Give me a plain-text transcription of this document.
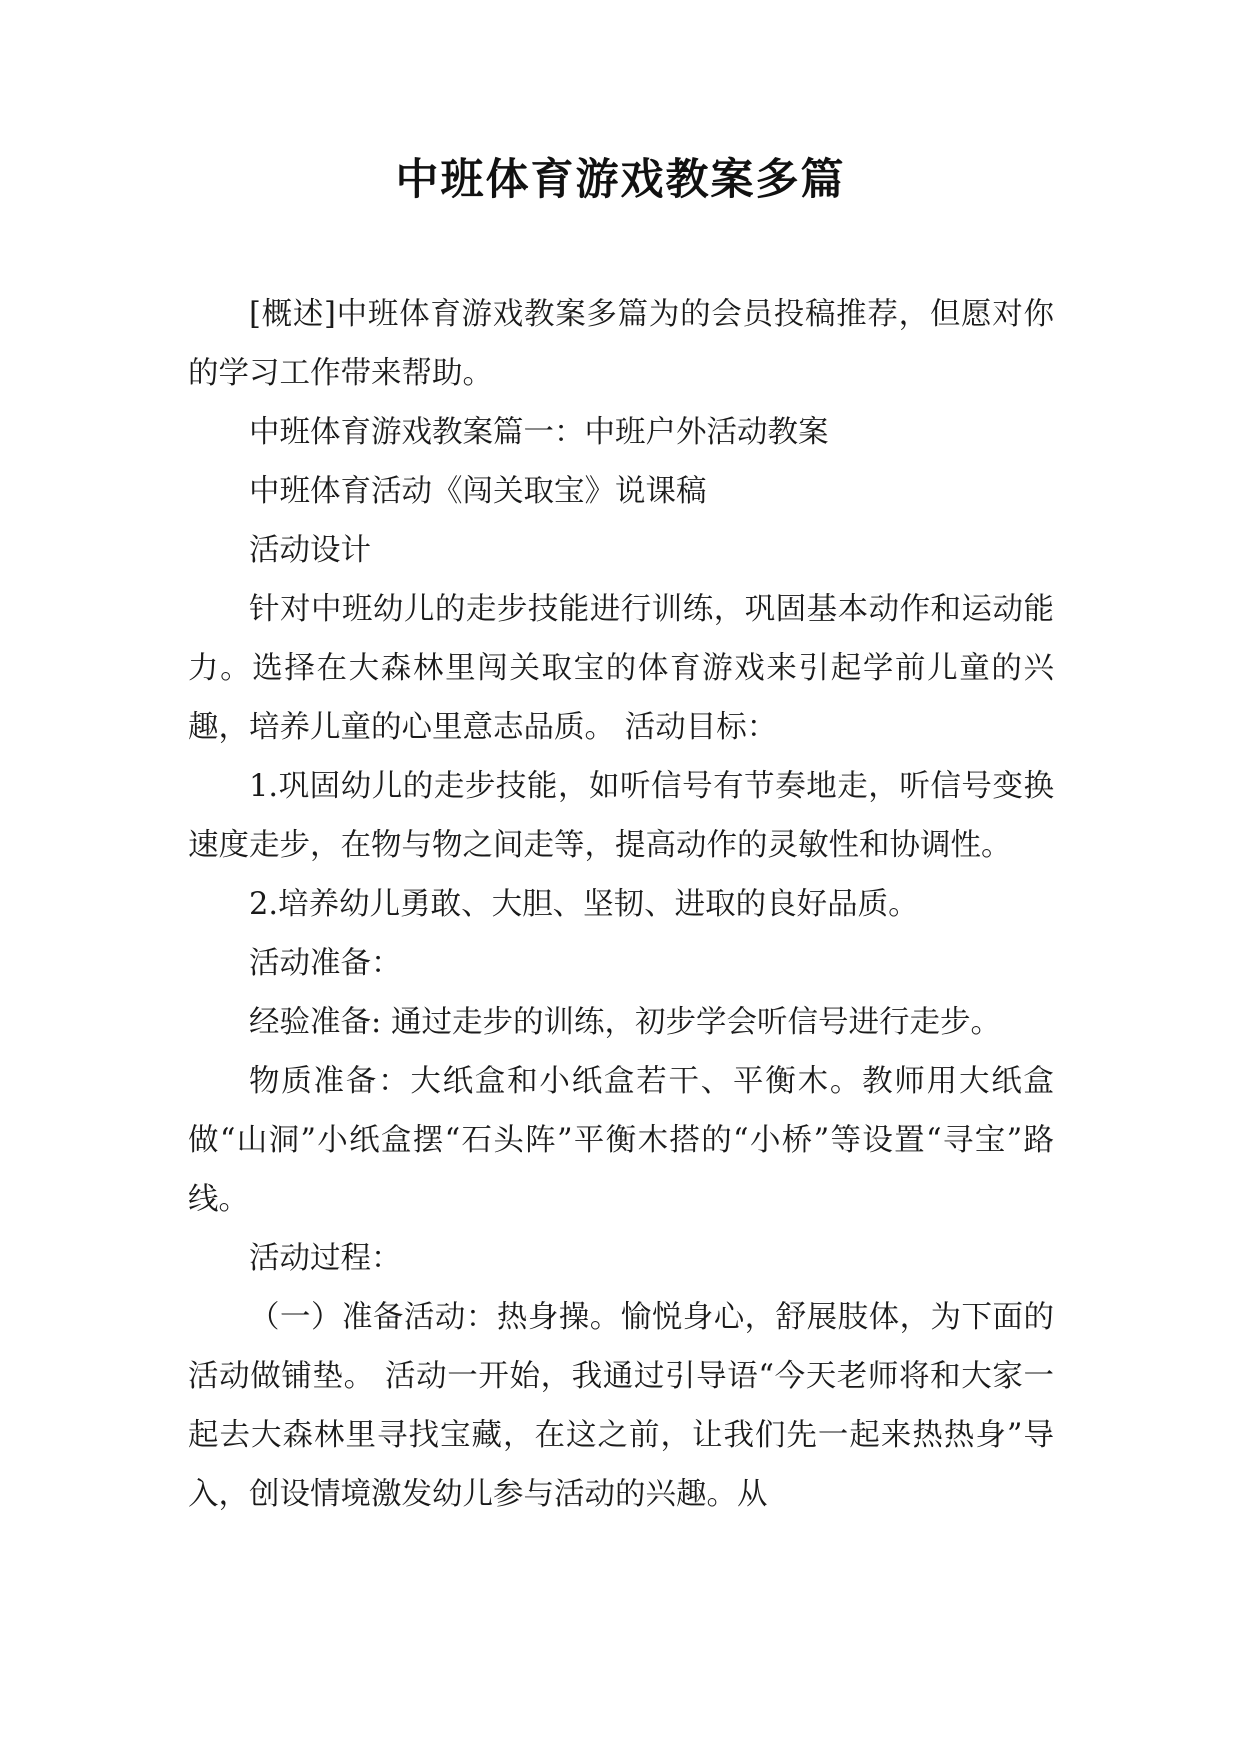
中班体育游戏教案多篇

[概述]中班体育游戏教案多篇为的会员投稿推荐，但愿对你的学习工作带来帮助。

中班体育游戏教案篇一：中班户外活动教案

中班体育活动《闯关取宝》说课稿

活动设计

针对中班幼儿的走步技能进行训练，巩固基本动作和运动能力。选择在大森林里闯关取宝的体育游戏来引起学前儿童的兴趣，培养儿童的心里意志品质。 活动目标：

1.巩固幼儿的走步技能，如听信号有节奏地走，听信号变换速度走步，在物与物之间走等，提高动作的灵敏性和协调性。

2.培养幼儿勇敢、大胆、坚韧、进取的良好品质。

活动准备：

经验准备: 通过走步的训练，初步学会听信号进行走步。

物质准备：大纸盒和小纸盒若干、平衡木。教师用大纸盒做“山洞”小纸盒摆“石头阵”平衡木搭的“小桥”等设置“寻宝”路线。

活动过程：

（一）准备活动：热身操。愉悦身心，舒展肢体，为下面的活动做铺垫。 活动一开始，我通过引导语“今天老师将和大家一起去大森林里寻找宝藏，在这之前，让我们先一起来热热身”导入，创设情境激发幼儿参与活动的兴趣。从
